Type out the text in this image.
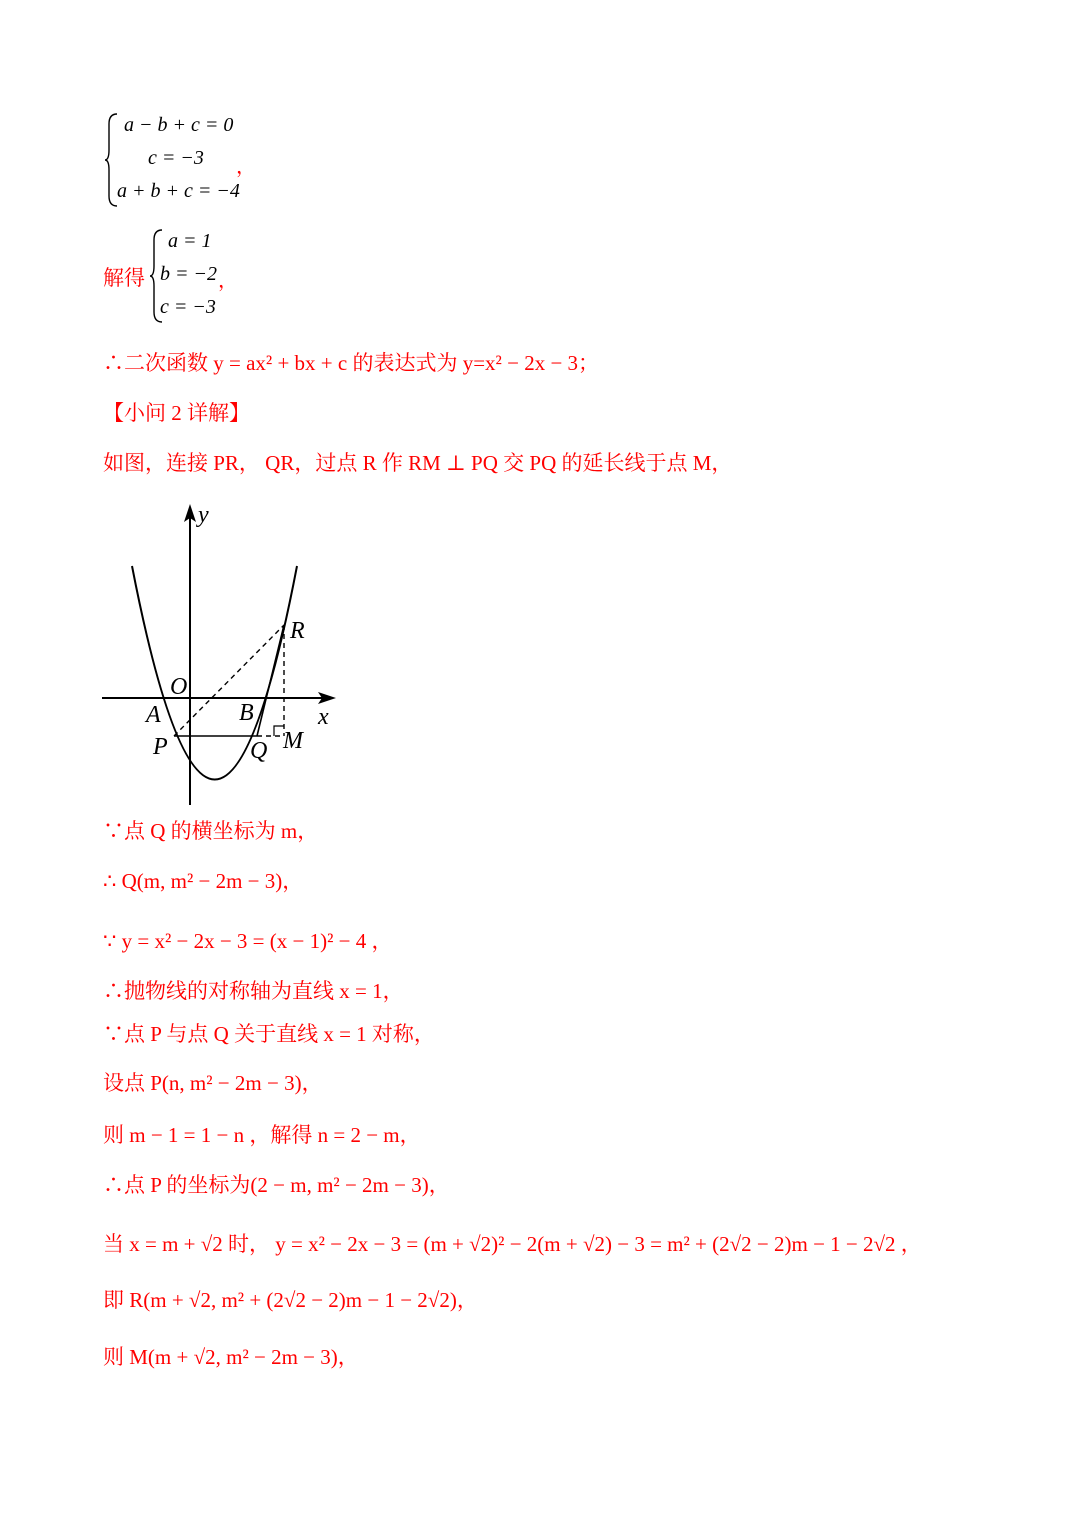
a − b + c = 0
c = −3
a + b + c = −4
，
解得
a = 1
b = −2
c = −3
，
∴二次函数 y = ax² + bx + c 的表达式为 y=x² − 2x − 3；
【小问 2 详解】
如图，连接 PR， QR，过点 R 作 RM ⊥ PQ 交 PQ 的延长线于点 M，
y
x
O
A	B
P	Q
R
M
∵点 Q 的横坐标为 m，
∴ Q(m, m² − 2m − 3)，
∵ y = x² − 2x − 3 = (x − 1)² − 4 ，
∴抛物线的对称轴为直线 x = 1，
∵点 P 与点 Q 关于直线 x = 1 对称，
设点 P(n, m² − 2m − 3)，
则 m − 1 = 1 − n ，解得 n = 2 − m，
∴点 P 的坐标为(2 − m, m² − 2m − 3)，
当 x = m + √2 时， y = x² − 2x − 3 = (m + √2)² − 2(m + √2) − 3 = m² + (2√2 − 2)m − 1 − 2√2 ，
即 R(m + √2, m² + (2√2 − 2)m − 1 − 2√2)，
则 M(m + √2, m² − 2m − 3)，
